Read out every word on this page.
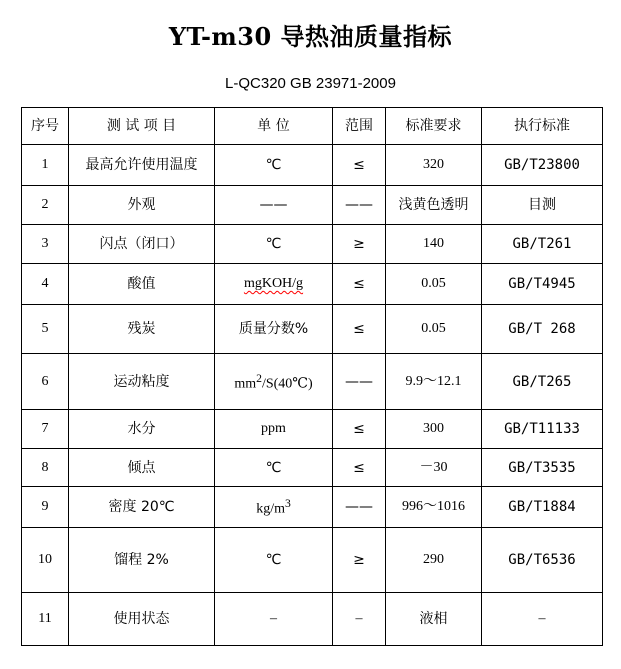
YT-m30 导热油质量指标
L-QC320 GB 23971-2009
序号	测 试 项 目	单 位	范围	标准要求	执行标准
1	最高允许使用温度	℃	≤	320	GB/T23800
2	外观	——	——	浅黄色透明	目测
3	闪点（闭口）	℃	≥	140	GB/T261
4	酸值	mgKOH/g	≤	0.05	GB/T4945
5	残炭	质量分数%	≤	0.05	GB/T 268
6	运动粘度	$mm^2/S(40℃)$	——	9.9～12.1	GB/T265
7	水分	ppm	≤	300	GB/T11133
8	倾点	℃	≤	－30	GB/T3535
9	密度 20℃	$kg/m^3$	——	996～1016	GB/T1884
10	馏程 2%	℃	≥	290	GB/T6536
11	使用状态	–	–	液相	–
